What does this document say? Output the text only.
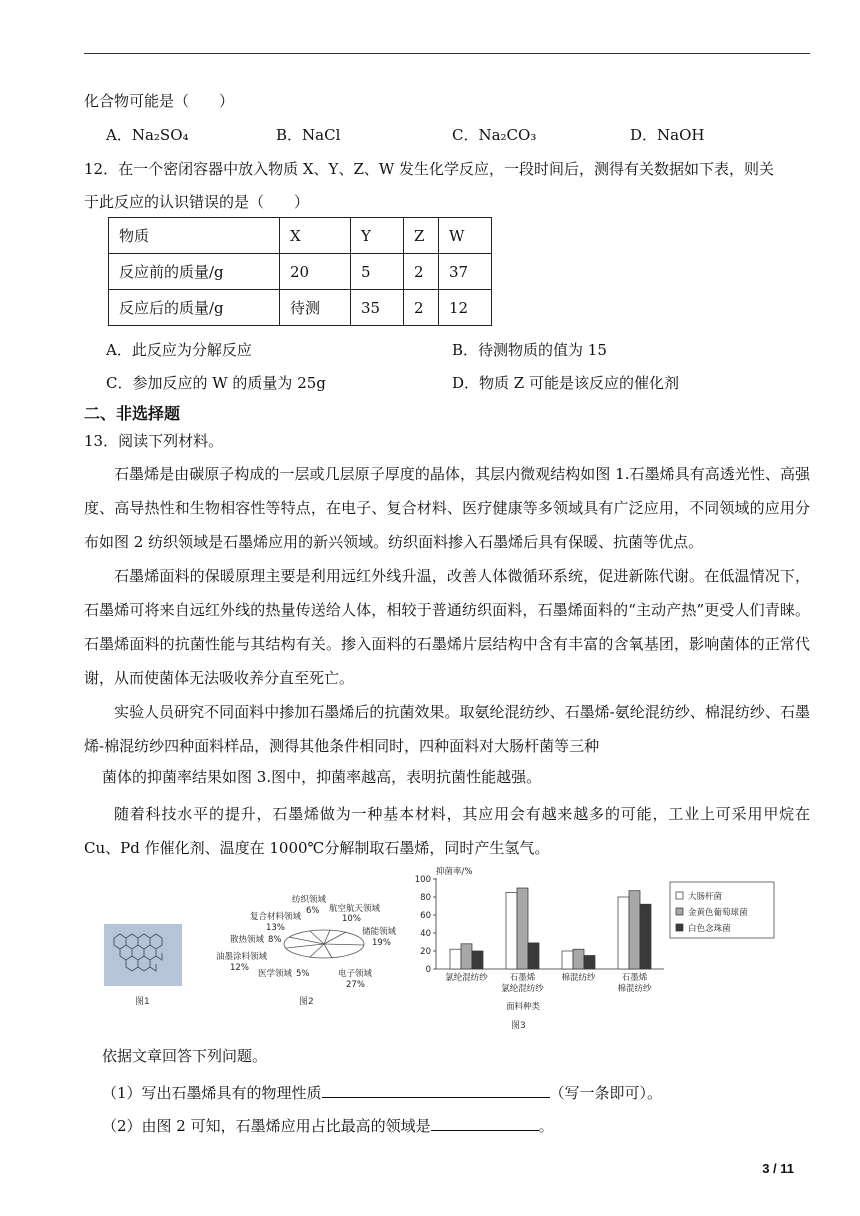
化合物可能是（　　）
A．Na₂SO₄	B．NaCl	C．Na₂CO₃	D．NaOH
12．在一个密闭容器中放入物质 X、Y、Z、W 发生化学反应，一段时间后，测得有关数据如下表，则关
于此反应的认识错误的是（　　）
物质	X	Y	Z	W
反应前的质量/g	20	5	2	37
反应后的质量/g	待测	35	2	12
A．此反应为分解反应	B．待测物质的值为 15
C．参加反应的 W 的质量为 25g	D．物质 Z 可能是该反应的催化剂
二、非选择题
13．阅读下列材料。
石墨烯是由碳原子构成的一层或几层原子厚度的晶体，其层内微观结构如图 1.石墨烯具有高透光性、高强度、高导热性和生物相容性等特点，在电子、复合材料、医疗健康等多领域具有广泛应用，不同领域的应用分布如图 2 纺织领域是石墨烯应用的新兴领域。纺织面料掺入石墨烯后具有保暖、抗菌等优点。
石墨烯面料的保暖原理主要是利用远红外线升温，改善人体微循环系统，促进新陈代谢。在低温情况下，石墨烯可将来自远红外线的热量传送给人体，相较于普通纺织面料，石墨烯面料的“主动产热”更受人们青睐。石墨烯面料的抗菌性能与其结构有关。掺入面料的石墨烯片层结构中含有丰富的含氧基团，影响菌体的正常代谢，从而使菌体无法吸收养分直至死亡。
实验人员研究不同面料中掺加石墨烯后的抗菌效果。取氨纶混纺纱、石墨烯-氨纶混纺纱、棉混纺纱、石墨烯-棉混纺纱四种面料样品，测得其他条件相同时，四种面料对大肠杆菌等三种
菌体的抑菌率结果如图 3.图中，抑菌率越高，表明抗菌性能越强。
随着科技水平的提升，石墨烯做为一种基本材料，其应用会有越来越多的可能，工业上可采用甲烷在 Cu、Pd 作催化剂、温度在 1000℃分解制取石墨烯，同时产生氢气。
图1
纺织领域
6% 航空航天领域
10%
储能领域
19%
电子领域
27%
医学领域 5%
油墨涂料领域
12%
散热领域 8%
复合材料领域
13%
图2
抑菌率/%
0
20
40
60
80
100
氯纶混纺纱	石墨烯
氯纶混纺纱
棉混纺纱	石墨烯
棉混纺纱
面料种类
大肠杆菌
金黄色葡萄球菌
白色念珠菌
图3
依据文章回答下列问题。
（1）写出石墨烯具有的物理性质	（写一条即可）。
（2）由图 2 可知，石墨烯应用占比最高的领域是	。
3 / 11
